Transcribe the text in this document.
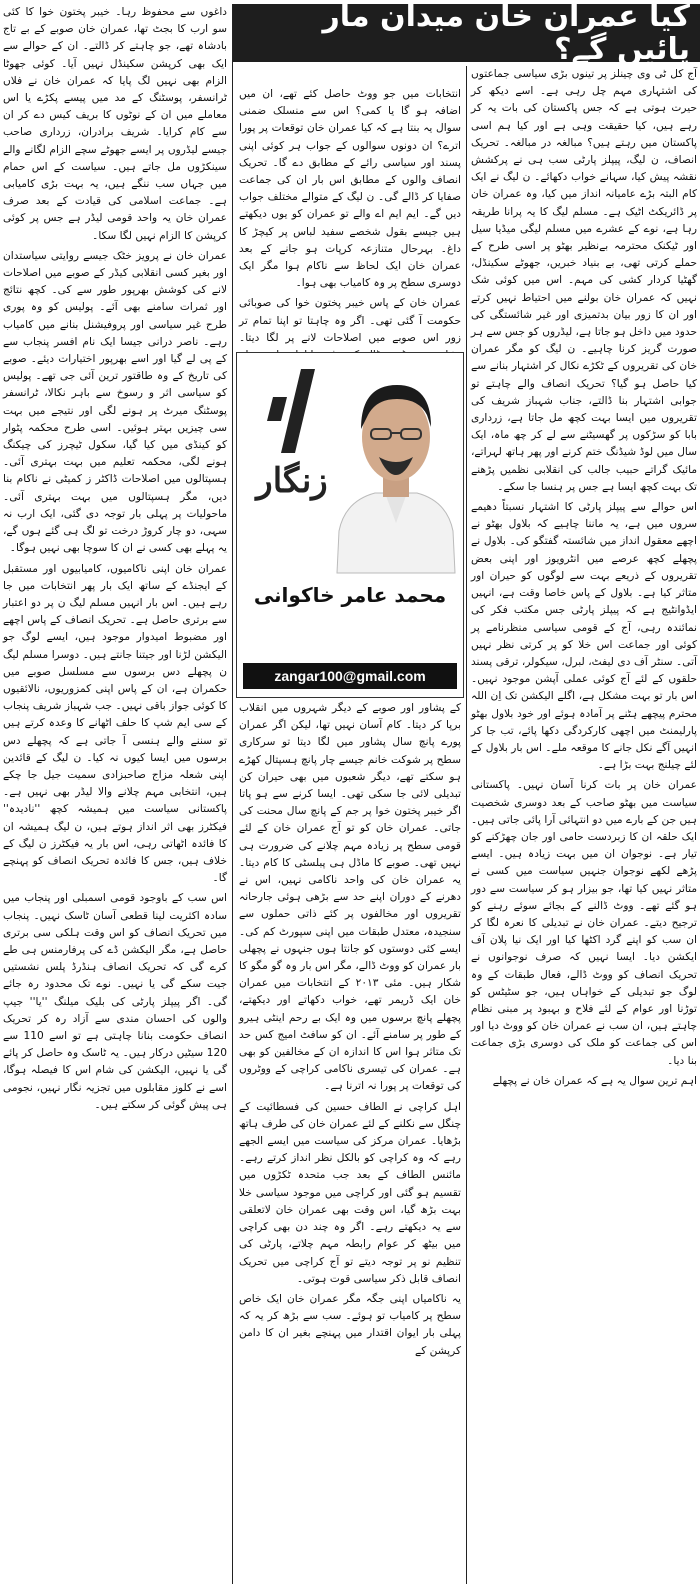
کیا عمران خان میدان مار پائیں گے؟

آج کل ٹی وی چینلز پر تینوں بڑی سیاسی جماعتوں کی اشتہاری مہم چل رہی ہے۔ اسے دیکھ کر حیرت ہوتی ہے کہ جس پاکستان کی بات یہ کر رہے ہیں، کیا حقیقت وہی ہے اور کیا ہم اسی پاکستان میں رہتے ہیں؟ مبالغہ در مبالغہ۔ تحریک انصاف، ن لیگ، پیپلز پارٹی سب ہی نے پرکشش نقشہ پیش کیا، سہانے خواب دکھائے۔ ن لیگ نے ایک کام البتہ بڑے عامیانہ انداز میں کیا، وہ عمران خان پر ڈائریکٹ اٹیک ہے۔ مسلم لیگ کا یہ پرانا طریقہ رہا ہے، نوے کے عشرے میں مسلم لیگی میڈیا سیل اور ٹیکنک محترمہ بےنظیر بھٹو پر اسی طرح کے حملے کرتی تھی، بے بنیاد خبریں، جھوٹے سکینڈل، گھٹیا کردار کشی کی مہم۔ اس میں کوئی شک نہیں کہ عمران خان بولنے میں احتیاط نہیں کرتے اور ان کا زور بیان بدتمیزی اور غیر شائستگی کی حدود میں داخل ہو جاتا ہے، لیڈروں کو جس سے ہر صورت گریز کرنا چاہیے۔ ن لیگ کو مگر عمران خان کی تقریروں کے ٹکڑے نکال کر اشتہار بنانے سے کیا حاصل ہو گیا؟ تحریک انصاف والے چاہتے تو جوابی اشتہار بنا ڈالتے، جناب شہباز شریف کی تقریروں میں ایسا بہت کچھ مل جاتا ہے، زرداری بابا کو سڑکوں پر گھسیٹنے سے لے کر چھ ماہ، ایک سال میں لوڈ شیڈنگ ختم کرنے اور پھر ہاتھ لہراتے، مائیک گراتے حبیب جالب کی انقلابی نظمیں پڑھنے تک بہت کچھ ایسا ہے جس پر ہنسا جا سکے۔

اس حوالے سے پیپلز پارٹی کا اشتہار نسبتاً دھیمے سروں میں ہے، یہ ماننا چاہیے کہ بلاول بھٹو نے اچھے معقول انداز میں شائستہ گفتگو کی۔ بلاول نے پچھلے کچھ عرصے میں انٹرویوز اور اپنی بعض تقریروں کے ذریعے بہت سے لوگوں کو حیران اور متاثر کیا ہے۔ بلاول کے پاس خاصا وقت ہے، انہیں ایڈوانٹیج ہے کہ پیپلز پارٹی جس مکتب فکر کی نمائندہ رہی، آج کے قومی سیاسی منظرنامے پر کوئی اور جماعت اس خلا کو پر کرتی نظر نہیں آتی۔ سنٹر آف دی لیفٹ، لبرل، سیکولر، ترقی پسند حلقوں کے لئے آج کوئی عملی آپشن موجود نہیں۔ اس بار تو بہت مشکل ہے، اگلے الیکشن تک اِن اللہ محترم پیچھے ہٹنے پر آمادہ ہوئے اور خود بلاول بھٹو پارلیمنٹ میں اچھی کارکردگی دکھا پائے، تب جا کر انہیں آگے نکل جانے کا موقعہ ملے۔ اس بار بلاول کے لئے چیلنج بہت بڑا ہے۔

عمران خان پر بات کرنا آسان نہیں۔ پاکستانی سیاست میں بھٹو صاحب کے بعد دوسری شخصیت ہیں جن کے بارے میں دو انتہائی آرا پائی جاتی ہیں۔ ایک حلقہ ان کا زبردست حامی اور جان چھڑکنے کو تیار ہے۔ نوجوان ان میں بہت زیادہ ہیں۔ ایسے پڑھے لکھے نوجوان جنہیں سیاست میں کسی نے متاثر نہیں کیا تھا، جو بیزار ہو کر سیاست سے دور ہو گئے تھے۔ ووٹ ڈالنے کے بجائے سوئے رہنے کو ترجیح دیتے۔ عمران خان نے تبدیلی کا نعرہ لگا کر ان سب کو اپنے گرد اکٹھا کیا اور ایک نیا پلان آف ایکشن دیا۔ ایسا نہیں کہ صرف نوجوانوں نے تحریک انصاف کو ووٹ ڈالے، فعال طبقات کے وہ لوگ جو تبدیلی کے خواہاں ہیں، جو سٹیٹس کو توڑنا اور عوام کے لئے فلاح و بہبود پر مبنی نظام چاہتے ہیں، ان سب نے عمران خان کو ووٹ دیا اور اس کی جماعت کو ملک کی دوسری بڑی جماعت بنا دیا۔

اہم ترین سوال یہ ہے کہ عمران خان نے پچھلے

انتخابات میں جو ووٹ حاصل کئے تھے، ان میں اضافہ ہو گا یا کمی؟ اس سے منسلک ضمنی سوال یہ بنتا ہے کہ کیا عمران خان توقعات پر پورا اترے؟ ان دونوں سوالوں کے جواب ہر کوئی اپنی پسند اور سیاسی رائے کے مطابق دے گا۔ تحریک انصاف والوں کے مطابق اس بار ان کی جماعت صفایا کر ڈالے گی۔ ن لیگ کے متوالے مختلف جواب دیں گے۔ ایم ایم اے والے تو عمران کو یوں دیکھتے ہیں جیسے بقول شخصے سفید لباس پر کیچڑ کا داغ۔ بہرحال متنازعہ کرپات ہو جانے کے بعد عمران خان ایک لحاظ سے ناکام ہوا مگر ایک دوسری سطح پر وہ کامیاب بھی ہوا۔

عمران خان کے پاس خیبر پختون خوا کی صوبائی حکومت آ گئی تھی۔ اگر وہ چاہتا تو اپنا تمام تر زور اس صوبے میں اصلاحات لانے پر لگا دیتا۔

زنگار
محمد عامر خاکوانی
zangar100@gmail.com

کے پشاور اور صوبے کے دیگر شہروں میں انقلاب برپا کر دیتا۔ کام آسان نہیں تھا، لیکن اگر عمران پورے پانچ سال پشاور میں لگا دیتا تو سرکاری سطح پر شوکت خانم جیسے چار پانچ ہسپتال کھڑے ہو سکتے تھے، دیگر شعبوں میں بھی حیران کن تبدیلی لائی جا سکی تھی۔ ایسا کرنے سے ہو پاتا اگر خیبر پختون خوا پر جم کے پانچ سال محنت کی جاتی۔ عمران خان کو تو آج عمران خان کے لئے قومی سطح پر زیادہ مہم چلانے کی ضرورت ہی نہیں تھی۔ صوبے کا ماڈل ہی پبلسٹی کا کام دیتا۔ یہ عمران خان کی واحد ناکامی نہیں، اس نے دھرنے کے دوران اپنے حد سے بڑھی ہوئی جارحانہ تقریروں اور مخالفوں پر کئے ذاتی حملوں سے سنجیدہ، معتدل طبقات میں اپنی سپورٹ کم کی۔ ایسے کئی دوستوں کو جانتا ہوں جنہوں نے پچھلی بار عمران کو ووٹ ڈالے، مگر اس بار وہ گو مگو کا شکار ہیں۔ مئی ۲۰۱۳ کے انتخابات میں عمران خان ایک ڈریمر تھے، خواب دکھاتے اور دیکھتے، پچھلے پانچ برسوں میں وہ ایک بے رحم اینٹی ہیرو کے طور پر سامنے آئے۔ ان کو سافٹ امیج کس حد تک متاثر ہوا اس کا اندازہ ان کے مخالفین کو بھی ہے۔ عمران کی تیسری ناکامی کراچی کے ووٹروں کی توقعات پر پورا نہ اترنا ہے۔

اہل کراچی نے الطاف حسین کی فسطائیت کے چنگل سے نکلنے کے لئے عمران خان کی طرف ہاتھ بڑھایا۔ عمران مرکز کی سیاست میں ایسے الجھے رہے کہ وہ کراچی کو بالکل نظر انداز کرتے رہے۔ مائنس الطاف کے بعد جب متحدہ ٹکڑوں میں تقسیم ہو گئی اور کراچی میں موجود سیاسی خلا بہت بڑھ گیا، اس وقت بھی عمران خان لاتعلقی سے یہ دیکھتے رہے۔ اگر وہ چند دن بھی کراچی میں بیٹھ کر عوام رابطہ مہم چلاتے، پارٹی کی تنظیم نو پر توجہ دیتے تو آج کراچی میں تحریک انصاف قابل ذکر سیاسی قوت ہوتی۔

یہ ناکامیاں اپنی جگہ مگر عمران خان ایک خاص سطح پر کامیاب تو ہوئے۔ سب سے بڑھ کر یہ کہ پہلی بار ایوان اقتدار میں پہنچے بغیر ان کا دامن کرپشن کے

داغوں سے محفوظ رہا۔ خیبر پختون خوا کا کئی سو ارب کا بجٹ تھا، عمران خان صوبے کے بے تاج بادشاہ تھے، جو چاہتے کر ڈالتے۔ ان کے حوالے سے ایک بھی کرپشن سکینڈل نہیں آیا۔ کوئی جھوٹا الزام بھی نہیں لگ پایا کہ عمران خان نے فلاں ٹرانسفر، پوسٹنگ کے مد میں پیسے پکڑے یا اس معاملے میں ان کے نوٹوں کا بریف کیس دے کر ان سے کام کرایا۔ شریف برادران، زرداری صاحب جیسے لیڈروں پر ایسے جھوٹے سچے الزام لگانے والے سینکڑوں مل جاتے ہیں۔ سیاست کے اس حمام میں جہاں سب ننگے ہیں، یہ بہت بڑی کامیابی ہے۔ جماعت اسلامی کی قیادت کے بعد صرف عمران خان یہ واحد قومی لیڈر ہے جس پر کوئی کرپشن کا الزام نہیں لگا سکا۔

عمران خان نے پرویز خٹک جیسے روایتی سیاستدان اور بغیر کسی انقلابی کیڈر کے صوبے میں اصلاحات لانے کی کوشش بھرپور طور سے کی۔ کچھ نتائج اور ثمرات سامنے بھی آئے۔ پولیس کو وہ پوری طرح غیر سیاسی اور پروفیشنل بنانے میں کامیاب رہے۔ ناصر درانی جیسا ایک نام افسر پنجاب سے کے پی لے گیا اور اسے بھرپور اختیارات دیئے۔ صوبے کی تاریخ کے وہ طاقتور ترین آئی جی تھے۔ پولیس کو سیاسی اثر و رسوخ سے باہر نکالا، ٹرانسفر پوسٹنگ میرٹ پر ہونے لگی اور نتیجے میں بہت سی چیزیں بہتر ہوئیں۔ اسی طرح محکمہ پٹوار کو کینڈی میں کیا گیا، سکول ٹیچرز کی چیکنگ ہونے لگی، محکمہ تعلیم میں بہت بہتری آئی۔ ہسپتالوں میں اصلاحات ڈاکٹر ز کمیٹی نے ناکام بنا دیں، مگر ہسپتالوں میں بہت بہتری آئی۔ ماحولیات پر پہلی بار توجہ دی گئی، ایک ارب نہ سہی، دو چار کروڑ درخت تو لگ ہی گئے ہوں گے، یہ پہلے بھی کسی نے ان کا سوچا بھی نہیں ہوگا۔

عمران خان اپنی ناکامیوں، کامیابیوں اور مستقبل کے ایجنڈے کے ساتھ ایک بار پھر انتخابات میں جا رہے ہیں۔ اس بار انہیں مسلم لیگ ن پر دو اعتبار سے برتری حاصل ہے۔ تحریک انصاف کے پاس اچھے اور مضبوط امیدوار موجود ہیں، ایسے لوگ جو الیکشن لڑنا اور جیتنا جانتے ہیں۔ دوسرا مسلم لیگ ن پچھلے دس برسوں سے مسلسل صوبے میں حکمران ہے، ان کے پاس اپنی کمزوریوں، نالائقیوں کا کوئی جواز باقی نہیں۔ جب شہباز شریف پنجاب کے سی ایم شپ کا حلف اٹھانے کا وعدہ کرتے ہیں تو سننے والے ہنسی آ جاتی ہے کہ پچھلے دس برسوں میں ایسا کیوں نہ کیا۔ ن لیگ کے قائدین اپنی شعلہ مزاج صاحبزادی سمیت جیل جا چکے ہیں، انتخابی مہم چلانے والا لیڈر بھی نہیں ہے۔ پاکستانی سیاست میں ہمیشہ کچھ ''نادیدہ'' فیکٹرز بھی اثر انداز ہوتے ہیں، ن لیگ ہمیشہ ان کا فائدہ اٹھاتی رہی، اس بار یہ فیکٹرز ن لیگ کے خلاف ہیں، جس کا فائدہ تحریک انصاف کو پہنچے گا۔

اس سب کے باوجود قومی اسمبلی اور پنجاب میں سادہ اکثریت لینا قطعی آسان ٹاسک نہیں۔ پنجاب میں تحریک انصاف کو اس وقت ہلکی سی برتری حاصل ہے، مگر الیکشن ڈے کی پرفارمنس ہی طے کرے گی کہ تحریک انصاف ہنڈرڈ پلس نشستیں جیت سکے گی یا نہیں۔ نوے تک محدود رہ جائے گی۔ اگر پیپلز پارٹی کی بلیک میلنگ ''یا'' جیپ والوں کی احسان مندی سے آزاد رہ کر تحریک انصاف حکومت بنانا چاہتی ہے تو اسے 110 سے 120 سیٹیں درکار ہیں۔ یہ ٹاسک وہ حاصل کر پائے گی یا نہیں، الیکشن کی شام اس کا فیصلہ ہوگا، اسے نے کلوز مقابلوں میں تجزیہ نگار نہیں، نجومی ہی پیش گوئی کر سکتے ہیں۔
